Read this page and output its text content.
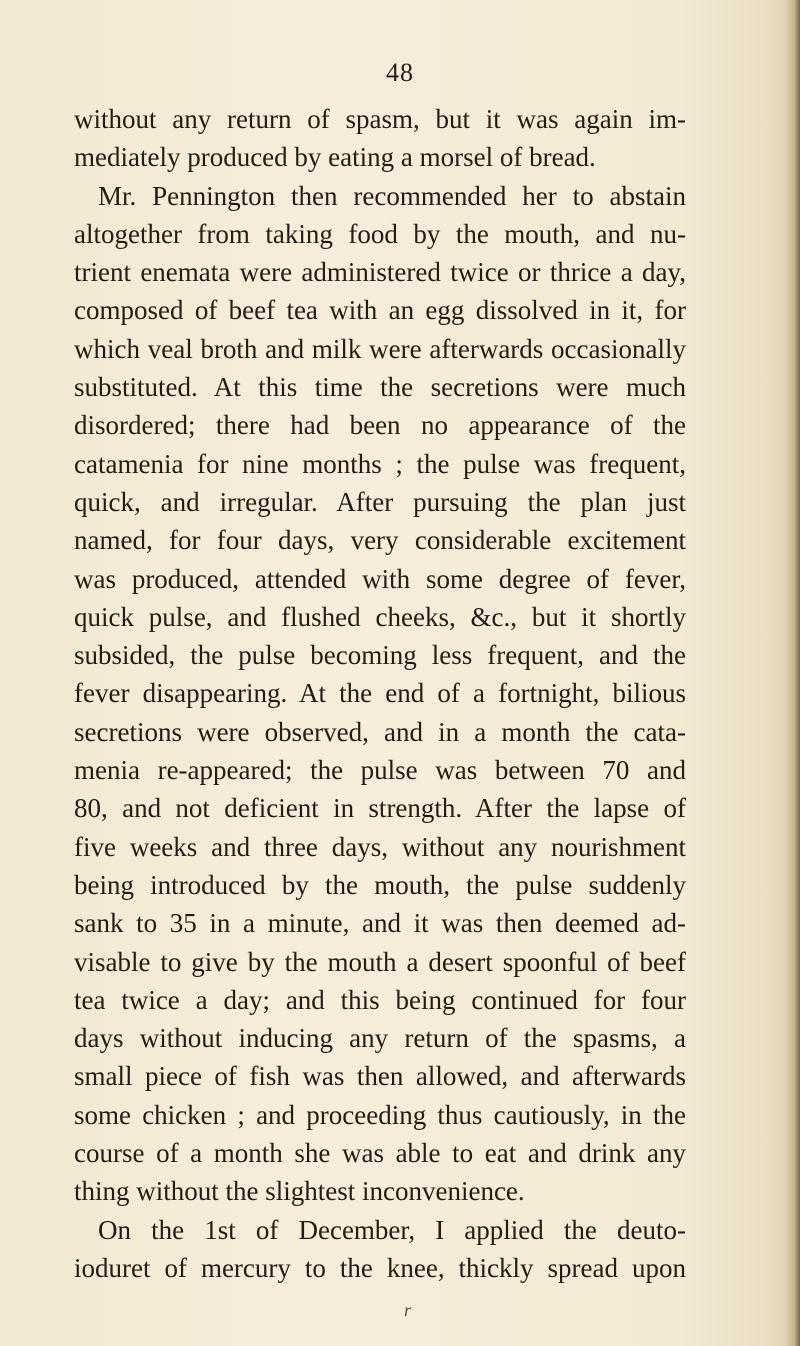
48
without any return of spasm, but it was again im-
mediately produced by eating a morsel of bread.
Mr. Pennington then recommended her to abstain
altogether from taking food by the mouth, and nu-
trient enemata were administered twice or thrice a day,
composed of beef tea with an egg dissolved in it, for
which veal broth and milk were afterwards occasionally
substituted. At this time the secretions were much
disordered; there had been no appearance of the
catamenia for nine months ; the pulse was frequent,
quick, and irregular. After pursuing the plan just
named, for four days, very considerable excitement
was produced, attended with some degree of fever,
quick pulse, and flushed cheeks, &c., but it shortly
subsided, the pulse becoming less frequent, and the
fever disappearing. At the end of a fortnight, bilious
secretions were observed, and in a month the cata-
menia re-appeared; the pulse was between 70 and
80, and not deficient in strength. After the lapse of
five weeks and three days, without any nourishment
being introduced by the mouth, the pulse suddenly
sank to 35 in a minute, and it was then deemed ad-
visable to give by the mouth a desert spoonful of beef
tea twice a day; and this being continued for four
days without inducing any return of the spasms, a
small piece of fish was then allowed, and afterwards
some chicken ; and proceeding thus cautiously, in the
course of a month she was able to eat and drink any
thing without the slightest inconvenience.
On the 1st of December, I applied the deuto-
ioduret of mercury to the knee, thickly spread upon
r
